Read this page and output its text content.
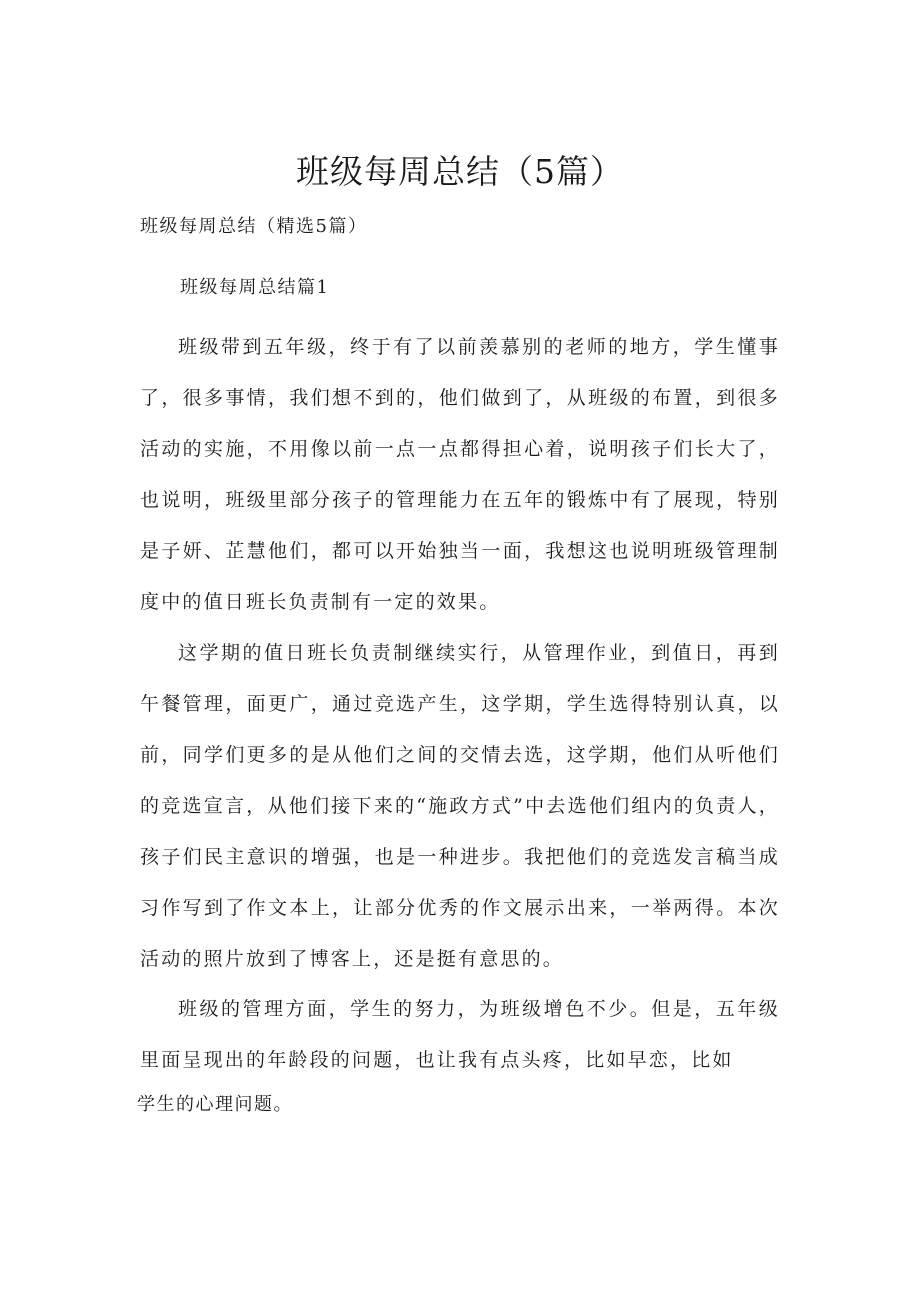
班级每周总结（5篇）

班级每周总结（精选5篇）

班级每周总结篇1

班级带到五年级，终于有了以前羡慕别的老师的地方，学生懂事了，很多事情，我们想不到的，他们做到了，从班级的布置，到很多活动的实施，不用像以前一点一点都得担心着，说明孩子们长大了，也说明，班级里部分孩子的管理能力在五年的锻炼中有了展现，特别是子妍、芷慧他们，都可以开始独当一面，我想这也说明班级管理制度中的值日班长负责制有一定的效果。

这学期的值日班长负责制继续实行，从管理作业，到值日，再到午餐管理，面更广，通过竞选产生，这学期，学生选得特别认真，以前，同学们更多的是从他们之间的交情去选，这学期，他们从听他们的竞选宣言，从他们接下来的“施政方式”中去选他们组内的负责人，孩子们民主意识的增强，也是一种进步。我把他们的竞选发言稿当成习作写到了作文本上，让部分优秀的作文展示出来，一举两得。本次活动的照片放到了博客上，还是挺有意思的。

班级的管理方面，学生的努力，为班级增色不少。但是，五年级里面呈现出的年龄段的问题，也让我有点头疼，比如早恋，比如

学生的心理问题。
